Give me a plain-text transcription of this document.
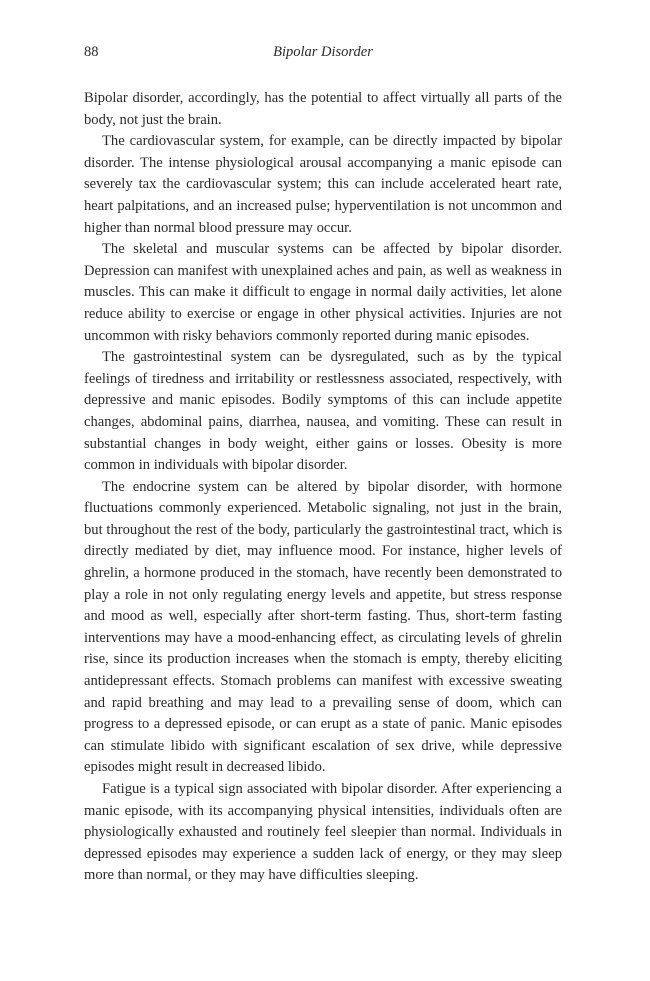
88	Bipolar Disorder

Bipolar disorder, accordingly, has the potential to affect virtually all parts of the body, not just the brain.

The cardiovascular system, for example, can be directly impacted by bipolar disorder. The intense physiological arousal accompanying a manic episode can severely tax the cardiovascular system; this can include accelerated heart rate, heart palpitations, and an increased pulse; hyperventilation is not uncommon and higher than normal blood pressure may occur.

The skeletal and muscular systems can be affected by bipolar disorder. Depression can manifest with unexplained aches and pain, as well as weakness in muscles. This can make it difficult to engage in normal daily activities, let alone reduce ability to exercise or engage in other physical activities. Injuries are not uncommon with risky behaviors commonly reported during manic episodes.

The gastrointestinal system can be dysregulated, such as by the typical feelings of tiredness and irritability or restlessness associated, respectively, with depressive and manic episodes. Bodily symptoms of this can include appetite changes, abdominal pains, diarrhea, nausea, and vomiting. These can result in substantial changes in body weight, either gains or losses. Obesity is more common in individuals with bipolar disorder.

The endocrine system can be altered by bipolar disorder, with hormone fluctuations commonly experienced. Metabolic signaling, not just in the brain, but throughout the rest of the body, particularly the gastrointestinal tract, which is directly mediated by diet, may influence mood. For instance, higher levels of ghrelin, a hormone produced in the stomach, have recently been demonstrated to play a role in not only regulating energy levels and appetite, but stress response and mood as well, especially after short-term fasting. Thus, short-term fasting interventions may have a mood-enhancing effect, as circulating levels of ghrelin rise, since its production increases when the stomach is empty, thereby eliciting antidepressant effects. Stomach problems can manifest with excessive sweating and rapid breathing and may lead to a prevailing sense of doom, which can progress to a depressed episode, or can erupt as a state of panic. Manic episodes can stimulate libido with significant escalation of sex drive, while depressive episodes might result in decreased libido.

Fatigue is a typical sign associated with bipolar disorder. After experiencing a manic episode, with its accompanying physical intensities, individuals often are physiologically exhausted and routinely feel sleepier than normal. Individuals in depressed episodes may experience a sudden lack of energy, or they may sleep more than normal, or they may have difficulties sleeping.
